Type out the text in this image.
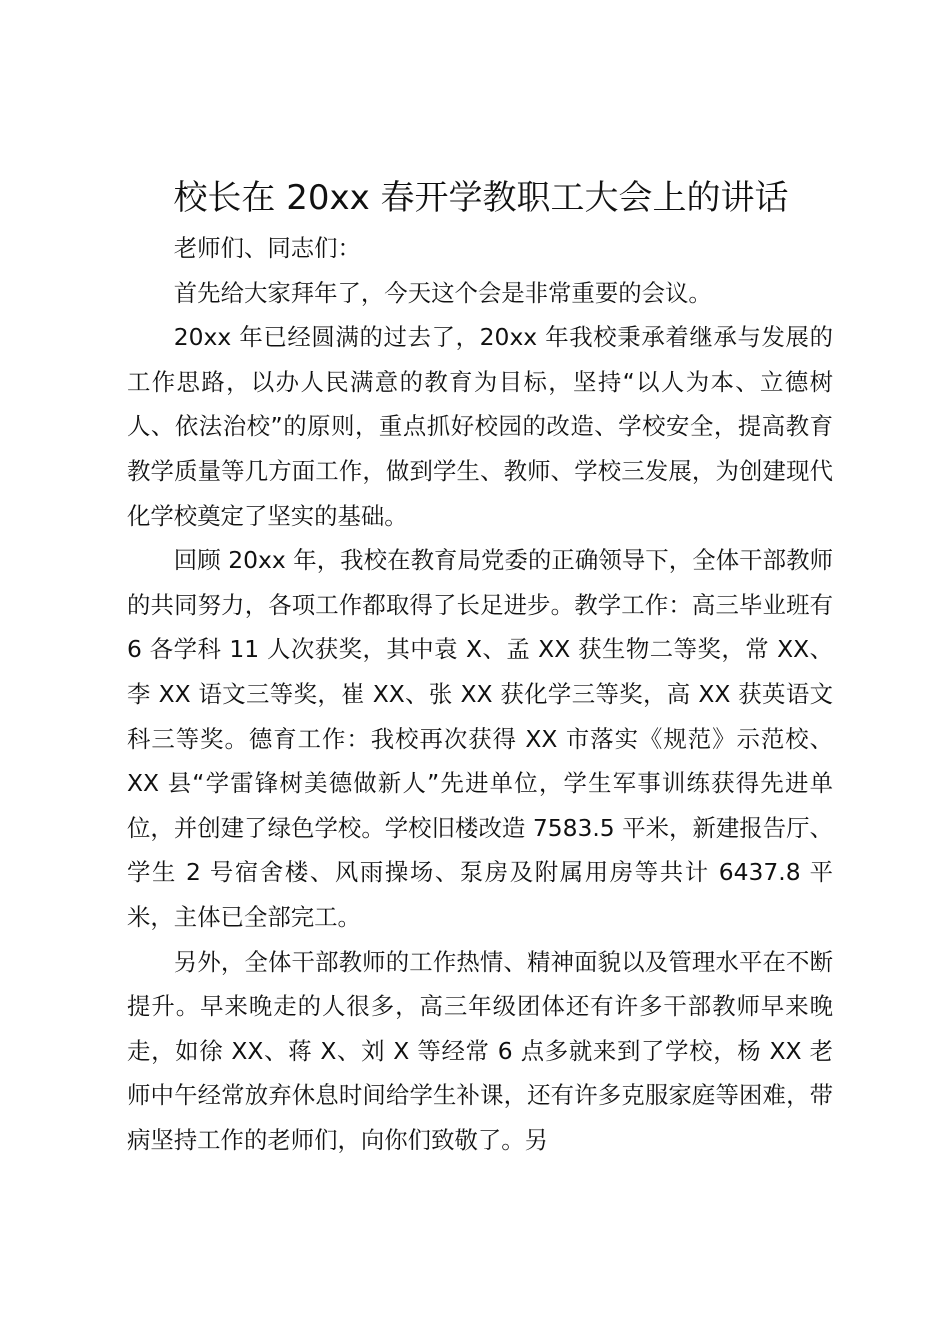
校长在 20xx 春开学教职工大会上的讲话

老师们、同志们：

首先给大家拜年了，今天这个会是非常重要的会议。

20xx 年已经圆满的过去了，20xx 年我校秉承着继承与发展的工作思路，以办人民满意的教育为目标，坚持“以人为本、立德树人、依法治校”的原则，重点抓好校园的改造、学校安全，提高教育教学质量等几方面工作，做到学生、教师、学校三发展，为创建现代化学校奠定了坚实的基础。

回顾 20xx 年，我校在教育局党委的正确领导下，全体干部教师的共同努力，各项工作都取得了长足进步。教学工作：高三毕业班有 6 各学科 11 人次获奖，其中袁 X、孟 XX 获生物二等奖，常 XX、李 XX 语文三等奖，崔 XX、张 XX 获化学三等奖，高 XX 获英语文科三等奖。德育工作：我校再次获得 XX 市落实《规范》示范校、XX 县“学雷锋树美德做新人”先进单位，学生军事训练获得先进单位，并创建了绿色学校。学校旧楼改造 7583.5 平米，新建报告厅、学生 2 号宿舍楼、风雨操场、泵房及附属用房等共计 6437.8 平米，主体已全部完工。

另外，全体干部教师的工作热情、精神面貌以及管理水平在不断提升。早来晚走的人很多，高三年级团体还有许多干部教师早来晚走，如徐 XX、蒋 X、刘 X 等经常 6 点多就来到了学校，杨 XX 老师中午经常放弃休息时间给学生补课，还有许多克服家庭等困难，带病坚持工作的老师们，向你们致敬了。另
